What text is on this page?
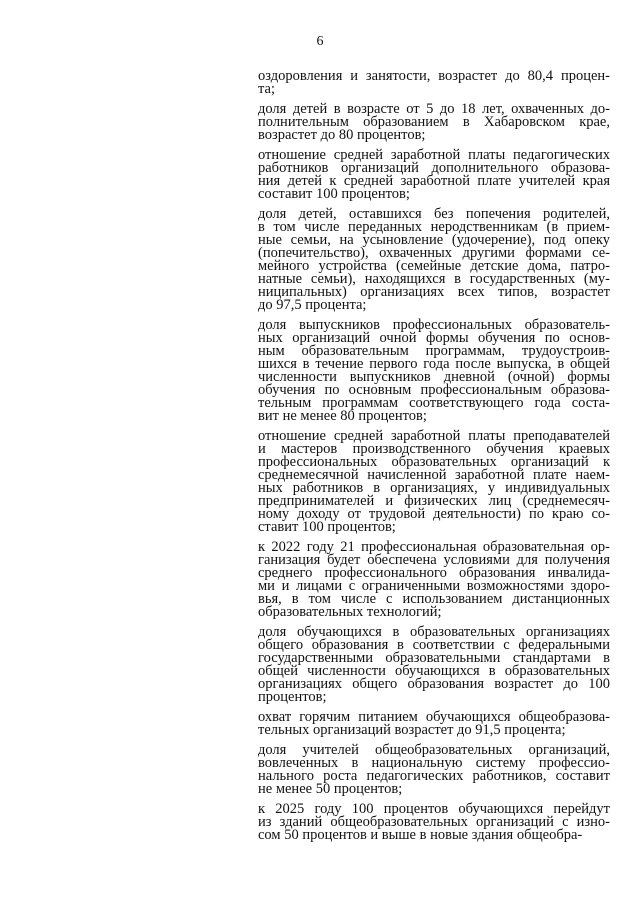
6
оздоровления и занятости, возрастет до 80,4 процен-
та;
доля детей в возрасте от 5 до 18 лет, охваченных до-
полнительным образованием в Хабаровском крае,
возрастет до 80 процентов;
отношение средней заработной платы педагогических
работников организаций дополнительного образова-
ния детей к средней заработной плате учителей края
составит 100 процентов;
доля детей, оставшихся без попечения родителей,
в том числе переданных неродственникам (в прием-
ные семьи, на усыновление (удочерение), под опеку
(попечительство), охваченных другими формами се-
мейного устройства (семейные детские дома, патро-
натные семьи), находящихся в государственных (му-
ниципальных) организациях всех типов, возрастет
до 97,5 процента;
доля выпускников профессиональных образователь-
ных организаций очной формы обучения по основ-
ным образовательным программам, трудоустроив-
шихся в течение первого года после выпуска, в общей
численности выпускников дневной (очной) формы
обучения по основным профессиональным образова-
тельным программам соответствующего года соста-
вит не менее 80 процентов;
отношение средней заработной платы преподавателей
и мастеров производственного обучения краевых
профессиональных образовательных организаций к
среднемесячной начисленной заработной плате наем-
ных работников в организациях, у индивидуальных
предпринимателей и физических лиц (среднемесяч-
ному доходу от трудовой деятельности) по краю со-
ставит 100 процентов;
к 2022 году 21 профессиональная образовательная ор-
ганизация будет обеспечена условиями для получения
среднего профессионального образования инвалида-
ми и лицами с ограниченными возможностями здоро-
вья, в том числе с использованием дистанционных
образовательных технологий;
доля обучающихся в образовательных организациях
общего образования в соответствии с федеральными
государственными образовательными стандартами в
общей численности обучающихся в образовательных
организациях общего образования возрастет до 100
процентов;
охват горячим питанием обучающихся общеобразова-
тельных организаций возрастет до 91,5 процента;
доля учителей общеобразовательных организаций,
вовлеченных в национальную систему профессио-
нального роста педагогических работников, составит
не менее 50 процентов;
к 2025 году 100 процентов обучающихся перейдут
из зданий общеобразовательных организаций с изно-
сом 50 процентов и выше в новые здания общеобра-
